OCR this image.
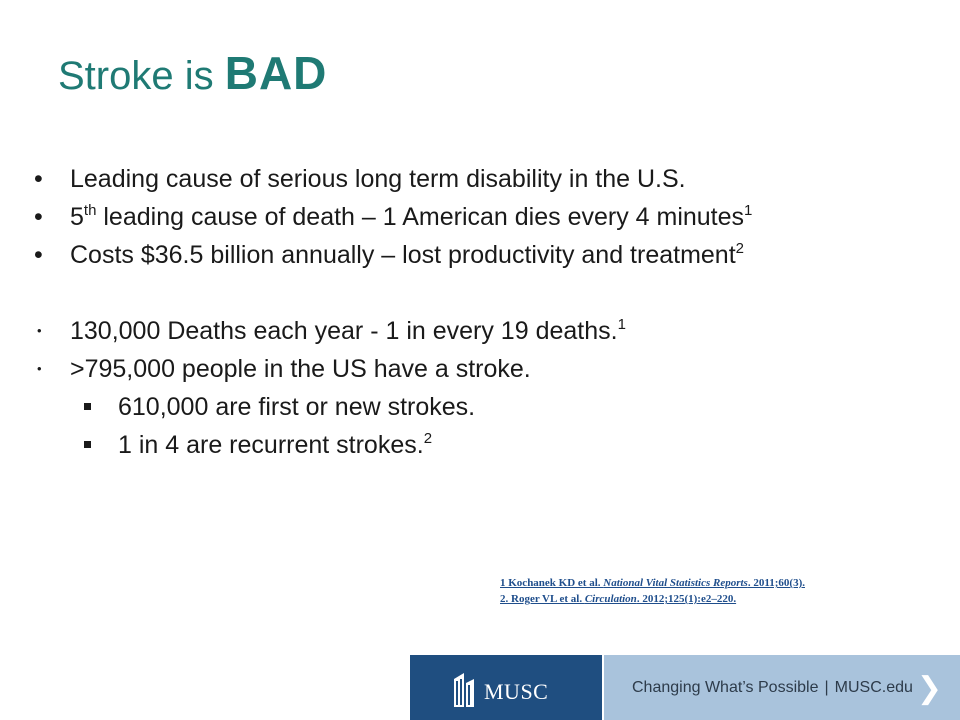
Stroke is BAD
•	Leading cause of serious long term disability in the U.S.
•	5th leading cause of death – 1 American dies every 4 minutes$^1$
•	Costs $36.5 billion annually – lost productivity and treatment$^2$
•	130,000 Deaths each year - 1 in every 19 deaths.$^1$
•	>795,000 people in the US have a stroke.
610,000 are first or new strokes.
1 in 4 are recurrent strokes.$^2$
1 Kochanek KD et al. National Vital Statistics Reports. 2011;60(3).
2. Roger VL et al. Circulation. 2012;125(1):e2–220.
MUSC	Changing What’s Possible | MUSC.edu ❯
